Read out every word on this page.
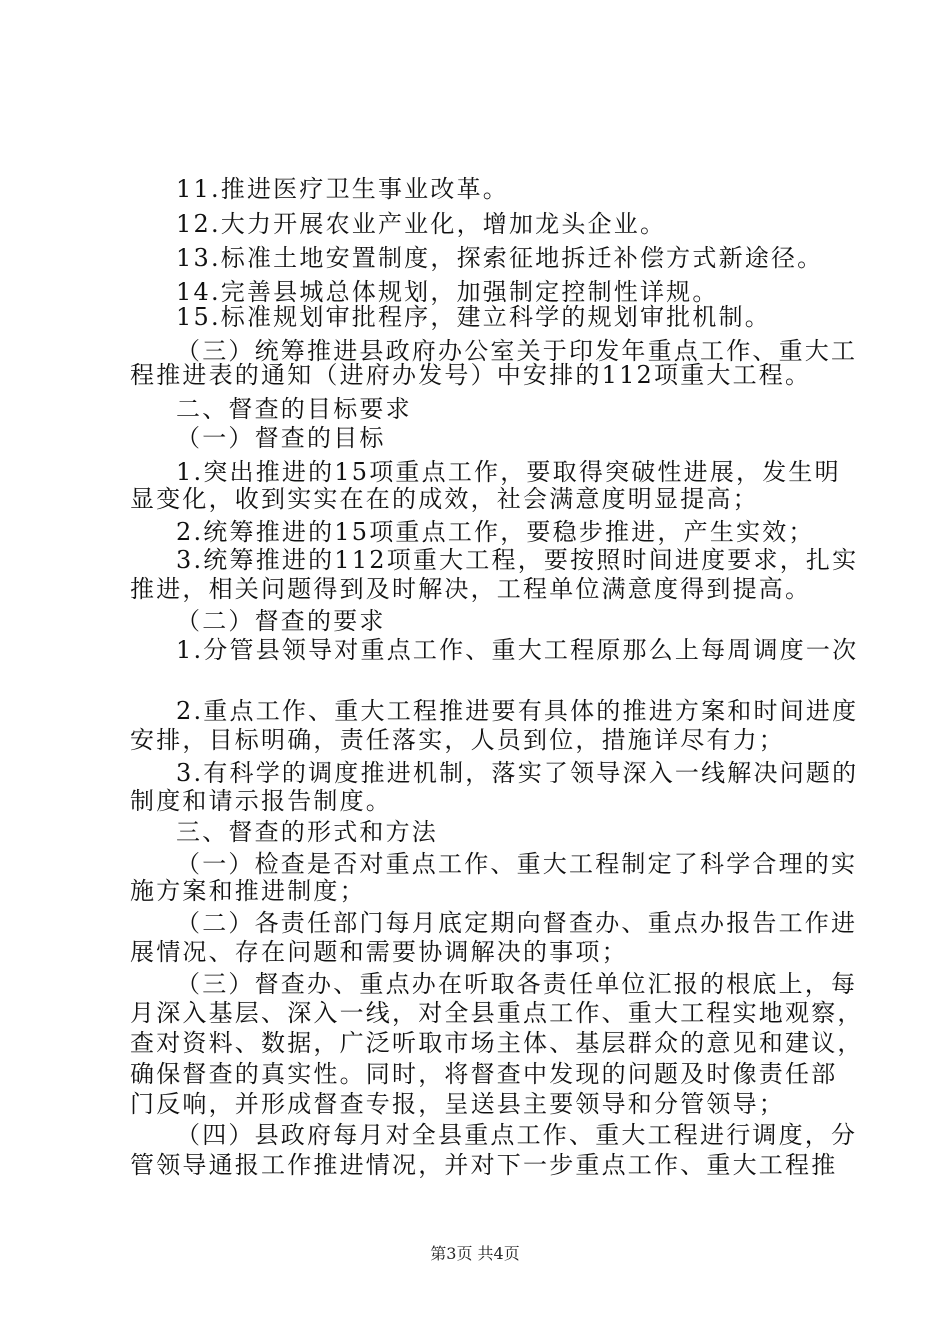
11.推进医疗卫生事业改革。
12.大力开展农业产业化，增加龙头企业。
13.标准土地安置制度，探索征地拆迁补偿方式新途径。
14.完善县城总体规划，加强制定控制性详规。
15.标准规划审批程序，建立科学的规划审批机制。
（三）统筹推进县政府办公室关于印发年重点工作、重大工
程推进表的通知（进府办发号）中安排的112项重大工程。
二、督查的目标要求
（一）督查的目标
1.突出推进的15项重点工作，要取得突破性进展，发生明
显变化，收到实实在在的成效，社会满意度明显提高；
2.统筹推进的15项重点工作，要稳步推进，产生实效；
3.统筹推进的112项重大工程，要按照时间进度要求，扎实
推进，相关问题得到及时解决，工程单位满意度得到提高。
（二）督查的要求
1.分管县领导对重点工作、重大工程原那么上每周调度一次
2.重点工作、重大工程推进要有具体的推进方案和时间进度
安排，目标明确，责任落实，人员到位，措施详尽有力；
3.有科学的调度推进机制，落实了领导深入一线解决问题的
制度和请示报告制度。
三、督查的形式和方法
（一）检查是否对重点工作、重大工程制定了科学合理的实
施方案和推进制度；
（二）各责任部门每月底定期向督查办、重点办报告工作进
展情况、存在问题和需要协调解决的事项；
（三）督查办、重点办在听取各责任单位汇报的根底上，每
月深入基层、深入一线，对全县重点工作、重大工程实地观察，
查对资料、数据，广泛听取市场主体、基层群众的意见和建议，
确保督查的真实性。同时，将督查中发现的问题及时像责任部
门反响，并形成督查专报，呈送县主要领导和分管领导；
（四）县政府每月对全县重点工作、重大工程进行调度，分
管领导通报工作推进情况，并对下一步重点工作、重大工程推
第3页 共4页
